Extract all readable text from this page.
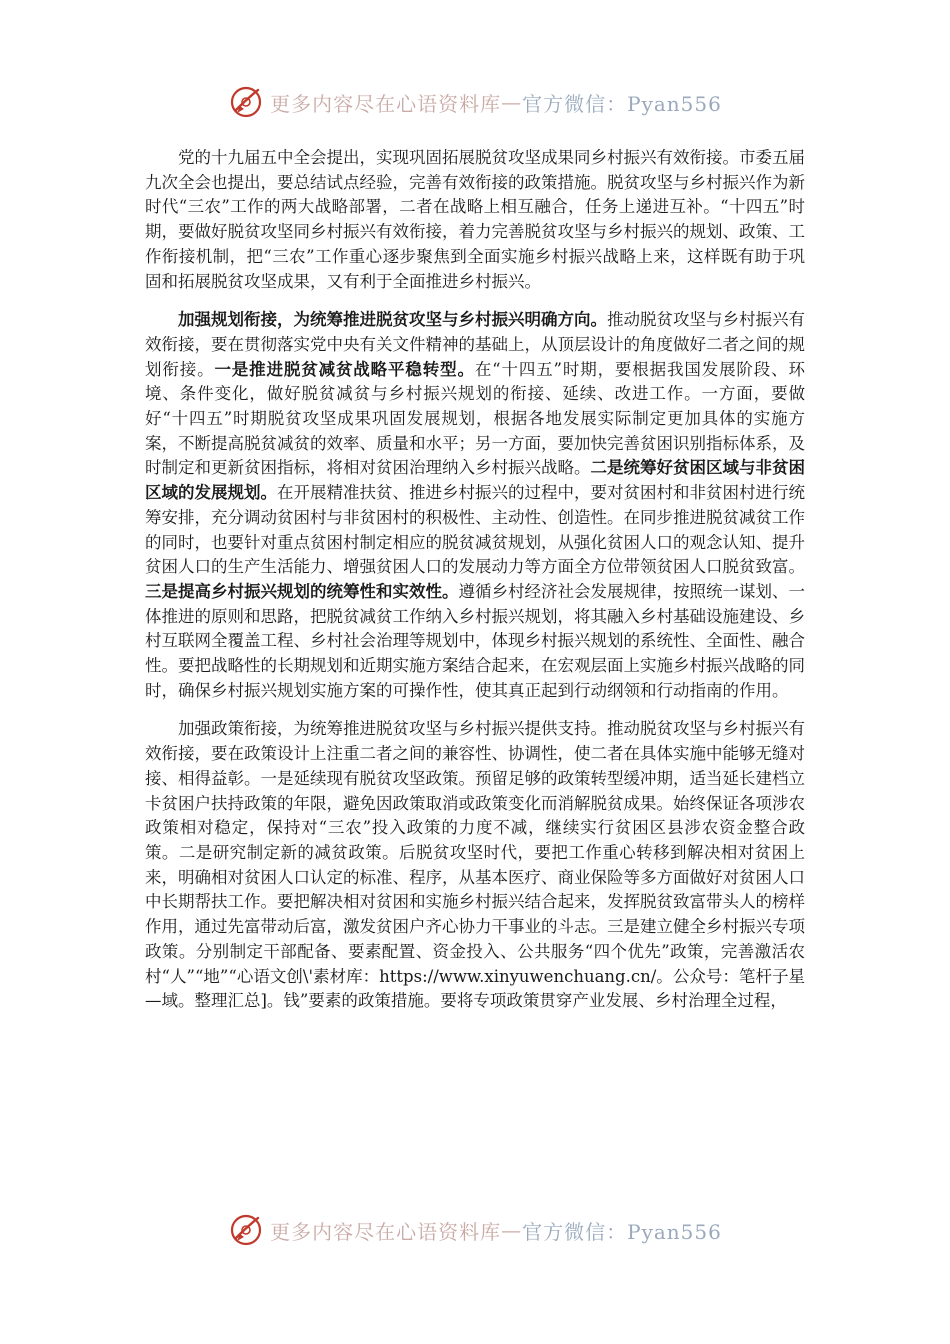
更多内容尽在心语资料库 — 官方微信：Pyan556

党的十九届五中全会提出，实现巩固拓展脱贫攻坚成果同乡村振兴有效衔接。市委五届九次全会也提出，要总结试点经验，完善有效衔接的政策措施。脱贫攻坚与乡村振兴作为新时代“三农”工作的两大战略部署，二者在战略上相互融合，任务上递进互补。“十四五”时期，要做好脱贫攻坚同乡村振兴有效衔接，着力完善脱贫攻坚与乡村振兴的规划、政策、工作衔接机制，把“三农”工作重心逐步聚焦到全面实施乡村振兴战略上来，这样既有助于巩固和拓展脱贫攻坚成果，又有利于全面推进乡村振兴。

加强规划衔接，为统筹推进脱贫攻坚与乡村振兴明确方向。推动脱贫攻坚与乡村振兴有效衔接，要在贯彻落实党中央有关文件精神的基础上，从顶层设计的角度做好二者之间的规划衔接。一是推进脱贫减贫战略平稳转型。在“十四五”时期，要根据我国发展阶段、环境、条件变化，做好脱贫减贫与乡村振兴规划的衔接、延续、改进工作。一方面，要做好“十四五”时期脱贫攻坚成果巩固发展规划，根据各地发展实际制定更加具体的实施方案，不断提高脱贫减贫的效率、质量和水平；另一方面，要加快完善贫困识别指标体系，及时制定和更新贫困指标，将相对贫困治理纳入乡村振兴战略。二是统筹好贫困区域与非贫困区域的发展规划。在开展精准扶贫、推进乡村振兴的过程中，要对贫困村和非贫困村进行统筹安排，充分调动贫困村与非贫困村的积极性、主动性、创造性。在同步推进脱贫减贫工作的同时，也要针对重点贫困村制定相应的脱贫减贫规划，从强化贫困人口的观念认知、提升贫困人口的生产生活能力、增强贫困人口的发展动力等方面全方位带领贫困人口脱贫致富。三是提高乡村振兴规划的统筹性和实效性。遵循乡村经济社会发展规律，按照统一谋划、一体推进的原则和思路，把脱贫减贫工作纳入乡村振兴规划，将其融入乡村基础设施建设、乡村互联网全覆盖工程、乡村社会治理等规划中，体现乡村振兴规划的系统性、全面性、融合性。要把战略性的长期规划和近期实施方案结合起来，在宏观层面上实施乡村振兴战略的同时，确保乡村振兴规划实施方案的可操作性，使其真正起到行动纲领和行动指南的作用。

加强政策衔接，为统筹推进脱贫攻坚与乡村振兴提供支持。推动脱贫攻坚与乡村振兴有效衔接，要在政策设计上注重二者之间的兼容性、协调性，使二者在具体实施中能够无缝对接、相得益彰。一是延续现有脱贫攻坚政策。预留足够的政策转型缓冲期，适当延长建档立卡贫困户扶持政策的年限，避免因政策取消或政策变化而消解脱贫成果。始终保证各项涉农政策相对稳定，保持对“三农”投入政策的力度不减，继续实行贫困区县涉农资金整合政策。二是研究制定新的减贫政策。后脱贫攻坚时代，要把工作重心转移到解决相对贫困上来，明确相对贫困人口认定的标准、程序，从基本医疗、商业保险等多方面做好对贫困人口中长期帮扶工作。要把解决相对贫困和实施乡村振兴结合起来，发挥脱贫致富带头人的榜样作用，通过先富带动后富，激发贫困户齐心协力干事业的斗志。三是建立健全乡村振兴专项政策。分别制定干部配备、要素配置、资金投入、公共服务“四个优先”政策，完善激活农村“人”“地”“心语文创\'素材库：https://www.xinyuwenchuang.cn/。公众号：笔杆子星—域。整理汇总]。钱”要素的政策措施。要将专项政策贯穿产业发展、乡村治理全过程，

更多内容尽在心语资料库 — 官方微信：Pyan556
